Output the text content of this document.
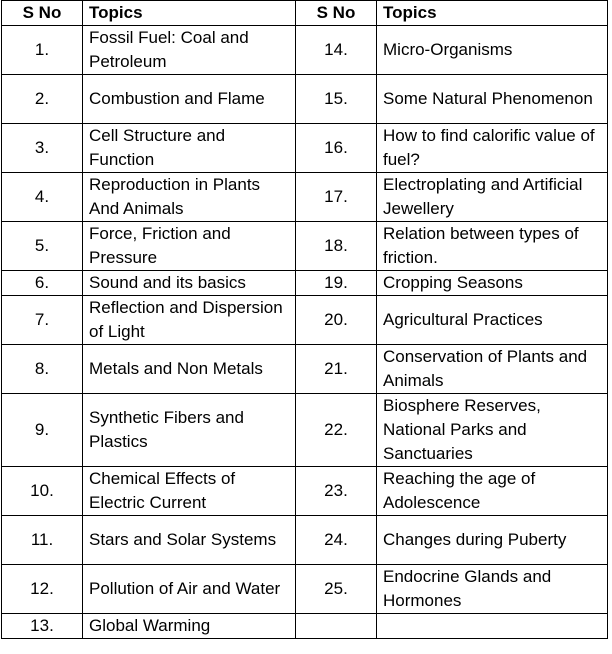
S No	Topics	S No	Topics
1.	Fossil Fuel: Coal and Petroleum	14.	Micro-Organisms
2.	Combustion and Flame	15.	Some Natural Phenomenon
3.	Cell Structure and Function	16.	How to find calorific value of fuel?
4.	Reproduction in Plants And Animals	17.	Electroplating and Artificial Jewellery
5.	Force, Friction and Pressure	18.	Relation between types of friction.
6.	Sound and its basics	19.	Cropping Seasons
7.	Reflection and Dispersion of Light	20.	Agricultural Practices
8.	Metals and Non Metals	21.	Conservation of Plants and Animals
9.	Synthetic Fibers and Plastics	22.	Biosphere Reserves, National Parks and Sanctuaries
10.	Chemical Effects of Electric Current	23.	Reaching the age of Adolescence
11.	Stars and Solar Systems	24.	Changes during Puberty
12.	Pollution of Air and Water	25.	Endocrine Glands and Hormones
13.	Global Warming		
